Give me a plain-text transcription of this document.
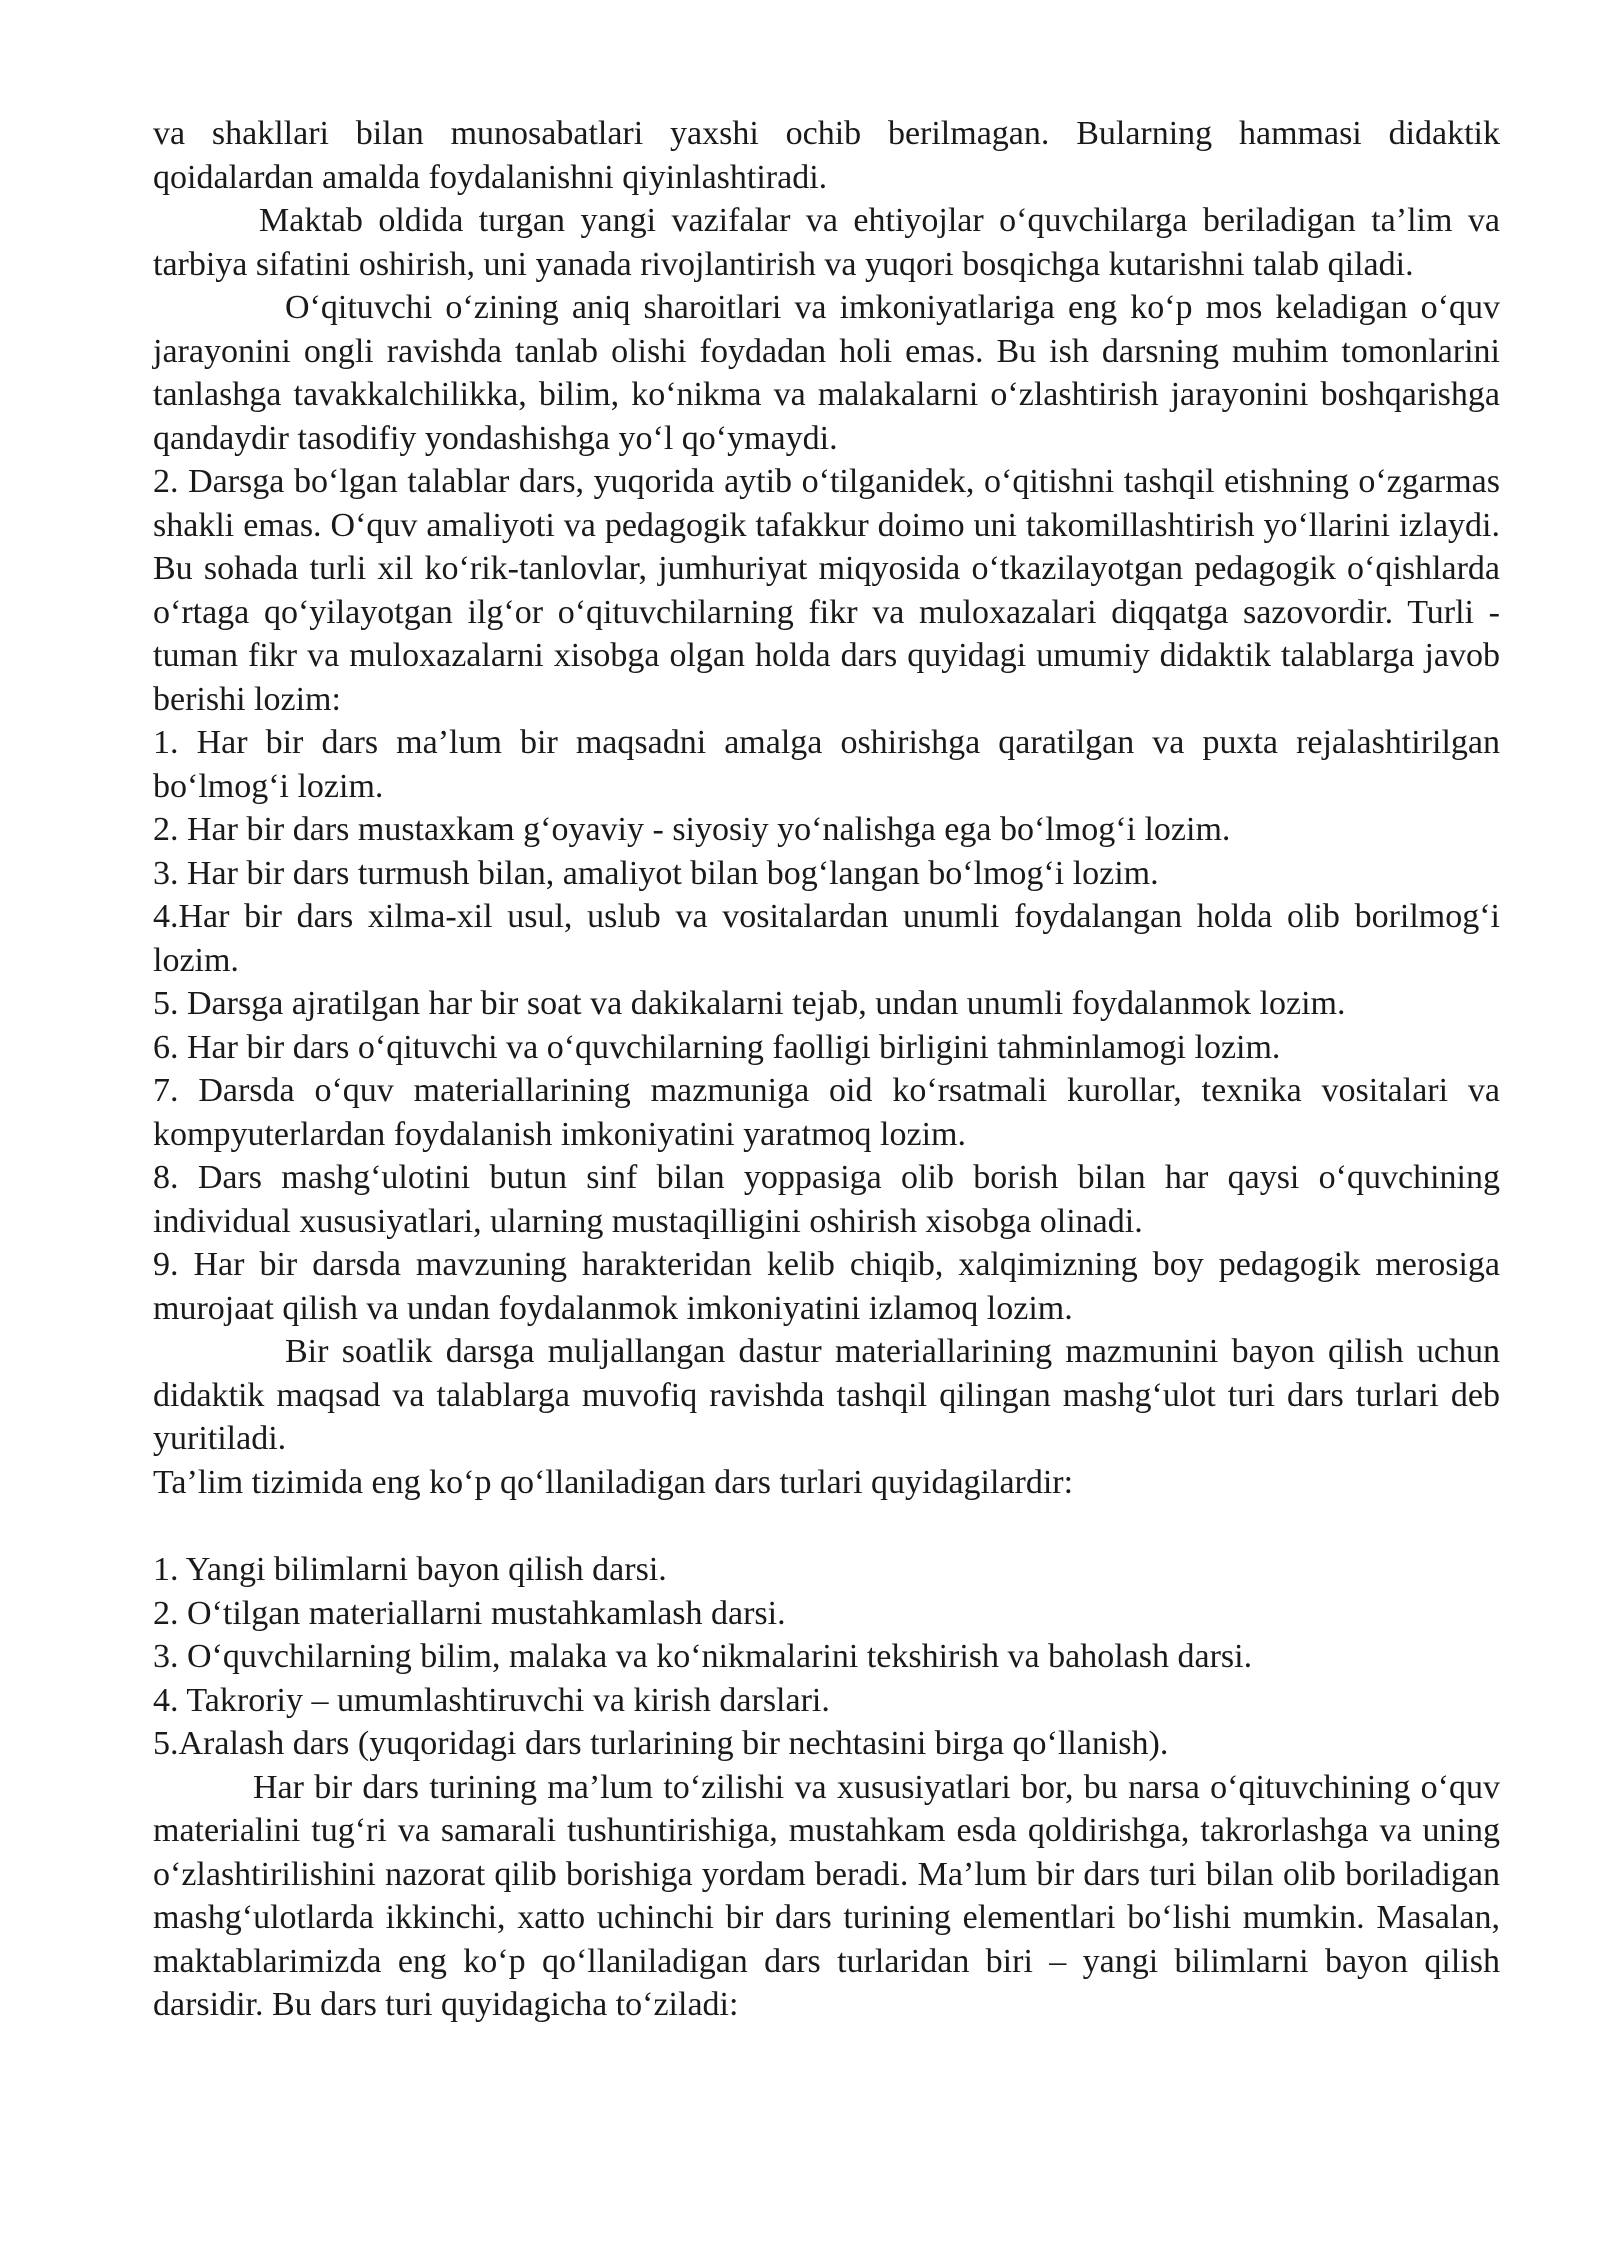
va shakllari bilan munosabatlari yaxshi ochib berilmagan. Bularning hammasi didaktik qoidalardan amalda foydalanishni qiyinlashtiradi.

Maktab oldida turgan yangi vazifalar va ehtiyojlar o‘quvchilarga beriladigan ta’lim va tarbiya sifatini oshirish, uni yanada rivojlantirish va yuqori bosqichga kutarishni talab qiladi.

O‘qituvchi o‘zining aniq sharoitlari va imkoniyatlariga eng ko‘p mos keladigan o‘quv jarayonini ongli ravishda tanlab olishi foydadan holi emas. Bu ish darsning muhim tomonlarini tanlashga tavakkalchilikka, bilim, ko‘nikma va malakalarni o‘zlashtirish jarayonini boshqarishga qandaydir tasodifiy yondashishga yo‘l qo‘ymaydi.

2. Darsga bo‘lgan talablar dars, yuqorida aytib o‘tilganidek, o‘qitishni tashqil etishning o‘zgarmas shakli emas. O‘quv amaliyoti va pedagogik tafakkur doimo uni takomillashtirish yo‘llarini izlaydi. Bu sohada turli xil ko‘rik-tanlovlar, jumhuriyat miqyosida o‘tkazilayotgan pedagogik o‘qishlarda o‘rtaga qo‘yilayotgan ilg‘or o‘qituvchilarning fikr va muloxazalari diqqatga sazovordir. Turli - tuman fikr va muloxazalarni xisobga olgan holda dars quyidagi umumiy didaktik talablarga javob berishi lozim:

1. Har bir dars ma’lum bir maqsadni amalga oshirishga qaratilgan va puxta rejalashtirilgan bo‘lmog‘i lozim.

2. Har bir dars mustaxkam g‘oyaviy - siyosiy yo‘nalishga ega bo‘lmog‘i lozim.

3. Har bir dars turmush bilan, amaliyot bilan bog‘langan bo‘lmog‘i lozim.

4.Har bir dars xilma-xil usul, uslub va vositalardan unumli foydalangan holda olib borilmog‘i lozim.

5. Darsga ajratilgan har bir soat va dakikalarni tejab, undan unumli foydalanmok lozim.

6. Har bir dars o‘qituvchi va o‘quvchilarning faolligi birligini tahminlamogi lozim.

7. Darsda o‘quv materiallarining mazmuniga oid ko‘rsatmali kurollar, texnika vositalari va kompyuterlardan foydalanish imkoniyatini yaratmoq lozim.

8. Dars mashg‘ulotini butun sinf bilan yoppasiga olib borish bilan har qaysi o‘quvchining individual xususiyatlari, ularning mustaqilligini oshirish xisobga olinadi.

9. Har bir darsda mavzuning harakteridan kelib chiqib, xalqimizning boy pedagogik merosiga murojaat qilish va undan foydalanmok imkoniyatini izlamoq lozim.

Bir soatlik darsga muljallangan dastur materiallarining mazmunini bayon qilish uchun didaktik maqsad va talablarga muvofiq ravishda tashqil qilingan mashg‘ulot turi dars turlari deb yuritiladi.

Ta’lim tizimida eng ko‘p qo‘llaniladigan dars turlari quyidagilardir:

1. Yangi bilimlarni bayon qilish darsi.

2. O‘tilgan materiallarni mustahkamlash darsi.

3. O‘quvchilarning bilim, malaka va ko‘nikmalarini tekshirish va baholash darsi.

4. Takroriy – umumlashtiruvchi va kirish darslari.

5.Aralash dars (yuqoridagi dars turlarining bir nechtasini birga qo‘llanish).

Har bir dars turining ma’lum to‘zilishi va xususiyatlari bor, bu narsa o‘qituvchining o‘quv materialini tug‘ri va samarali tushuntirishiga, mustahkam esda qoldirishga, takrorlashga va uning o‘zlashtirilishini nazorat qilib borishiga yordam beradi. Ma’lum bir dars turi bilan olib boriladigan mashg‘ulotlarda ikkinchi, xatto uchinchi bir dars turining elementlari bo‘lishi mumkin. Masalan, maktablarimizda eng ko‘p qo‘llaniladigan dars turlaridan biri – yangi bilimlarni bayon qilish darsidir. Bu dars turi quyidagicha to‘ziladi:
